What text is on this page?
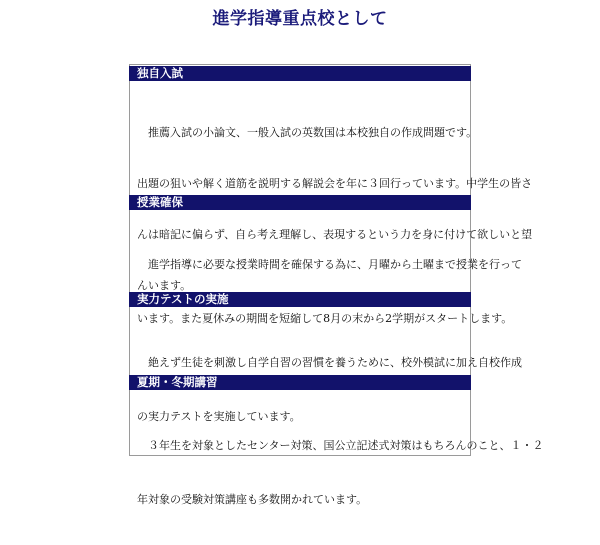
進学指導重点校として
独自入試

　推薦入試の小論文、一般入試の英数国は本校独自の作成問題です。

出題の狙いや解く道筋を説明する解説会を年に３回行っています。中学生の皆さ

んは暗記に偏らず、自ら考え理解し、表現するという力を身に付けて欲しいと望

んいます。

授業確保

　進学指導に必要な授業時間を確保する為に、月曜から土曜まで授業を行って

います。また夏休みの期間を短縮して8月の末から2学期がスタートします。

実力テストの実施

　絶えず生徒を刺激し自学自習の習慣を養うために、校外模試に加え自校作成

の実力テストを実施しています。

夏期・冬期講習

　３年生を対象としたセンター対策、国公立記述式対策はもちろんのこと、１・２

年対象の受験対策講座も多数開かれています。
